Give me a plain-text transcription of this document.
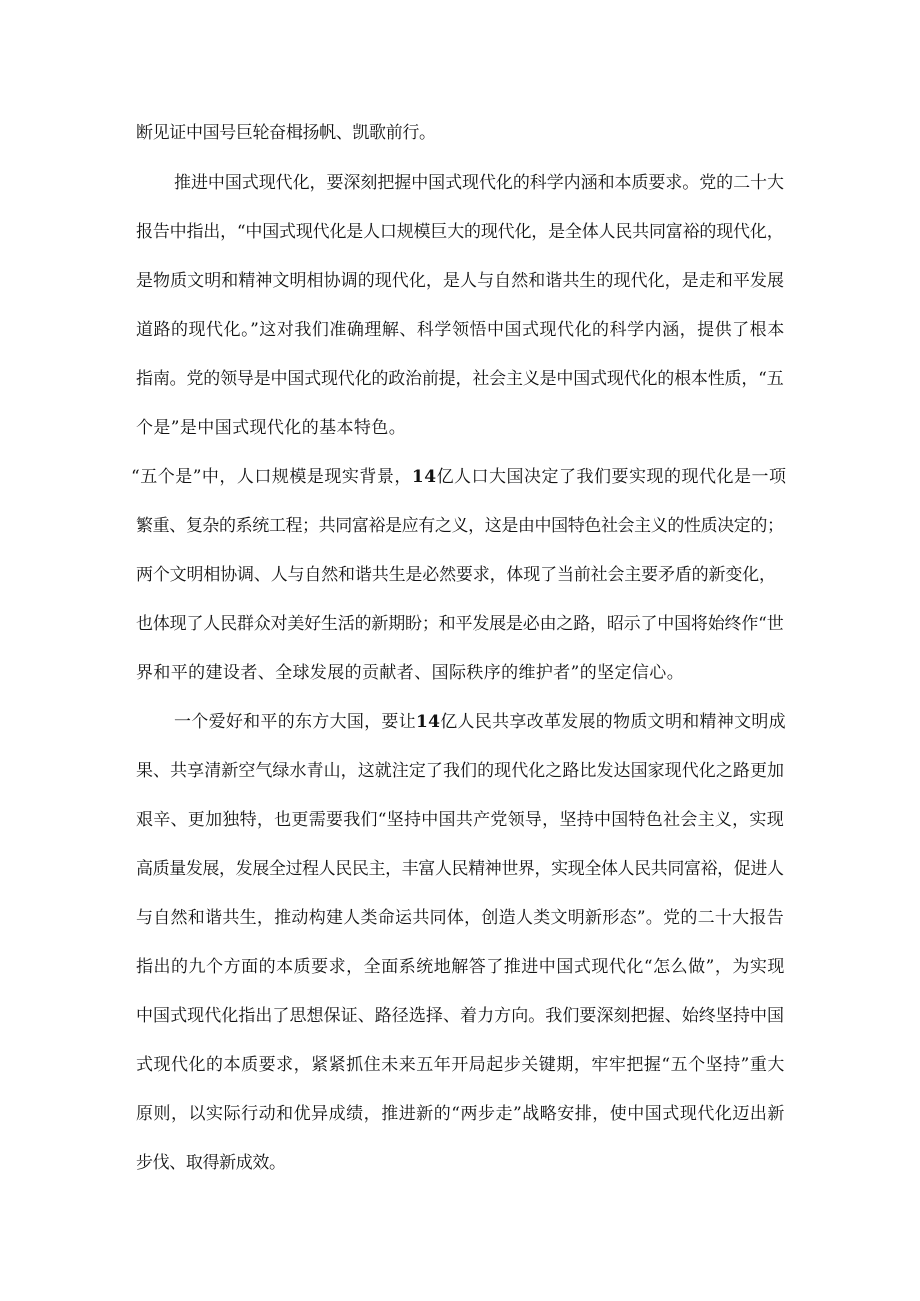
断见证中国号巨轮奋楫扬帆、凯歌前行。
推进中国式现代化，要深刻把握中国式现代化的科学内涵和本质要求。党的二十大
报告中指出，“中国式现代化是人口规模巨大的现代化，是全体人民共同富裕的现代化，
是物质文明和精神文明相协调的现代化，是人与自然和谐共生的现代化，是走和平发展
道路的现代化。”这对我们准确理解、科学领悟中国式现代化的科学内涵，提供了根本
指南。党的领导是中国式现代化的政治前提，社会主义是中国式现代化的根本性质，“五
个是”是中国式现代化的基本特色。
“五个是”中，人口规模是现实背景，14亿人口大国决定了我们要实现的现代化是一项
繁重、复杂的系统工程；共同富裕是应有之义，这是由中国特色社会主义的性质决定的；
两个文明相协调、人与自然和谐共生是必然要求，体现了当前社会主要矛盾的新变化，
也体现了人民群众对美好生活的新期盼；和平发展是必由之路，昭示了中国将始终作“世
界和平的建设者、全球发展的贡献者、国际秩序的维护者”的坚定信心。
一个爱好和平的东方大国，要让14亿人民共享改革发展的物质文明和精神文明成
果、共享清新空气绿水青山，这就注定了我们的现代化之路比发达国家现代化之路更加
艰辛、更加独特，也更需要我们“坚持中国共产党领导，坚持中国特色社会主义，实现
高质量发展，发展全过程人民民主，丰富人民精神世界，实现全体人民共同富裕，促进人
与自然和谐共生，推动构建人类命运共同体，创造人类文明新形态”。党的二十大报告
指出的九个方面的本质要求，全面系统地解答了推进中国式现代化“怎么做”，为实现
中国式现代化指出了思想保证、路径选择、着力方向。我们要深刻把握、始终坚持中国
式现代化的本质要求，紧紧抓住未来五年开局起步关键期，牢牢把握“五个坚持”重大
原则，以实际行动和优异成绩，推进新的“两步走”战略安排，使中国式现代化迈出新
步伐、取得新成效。
